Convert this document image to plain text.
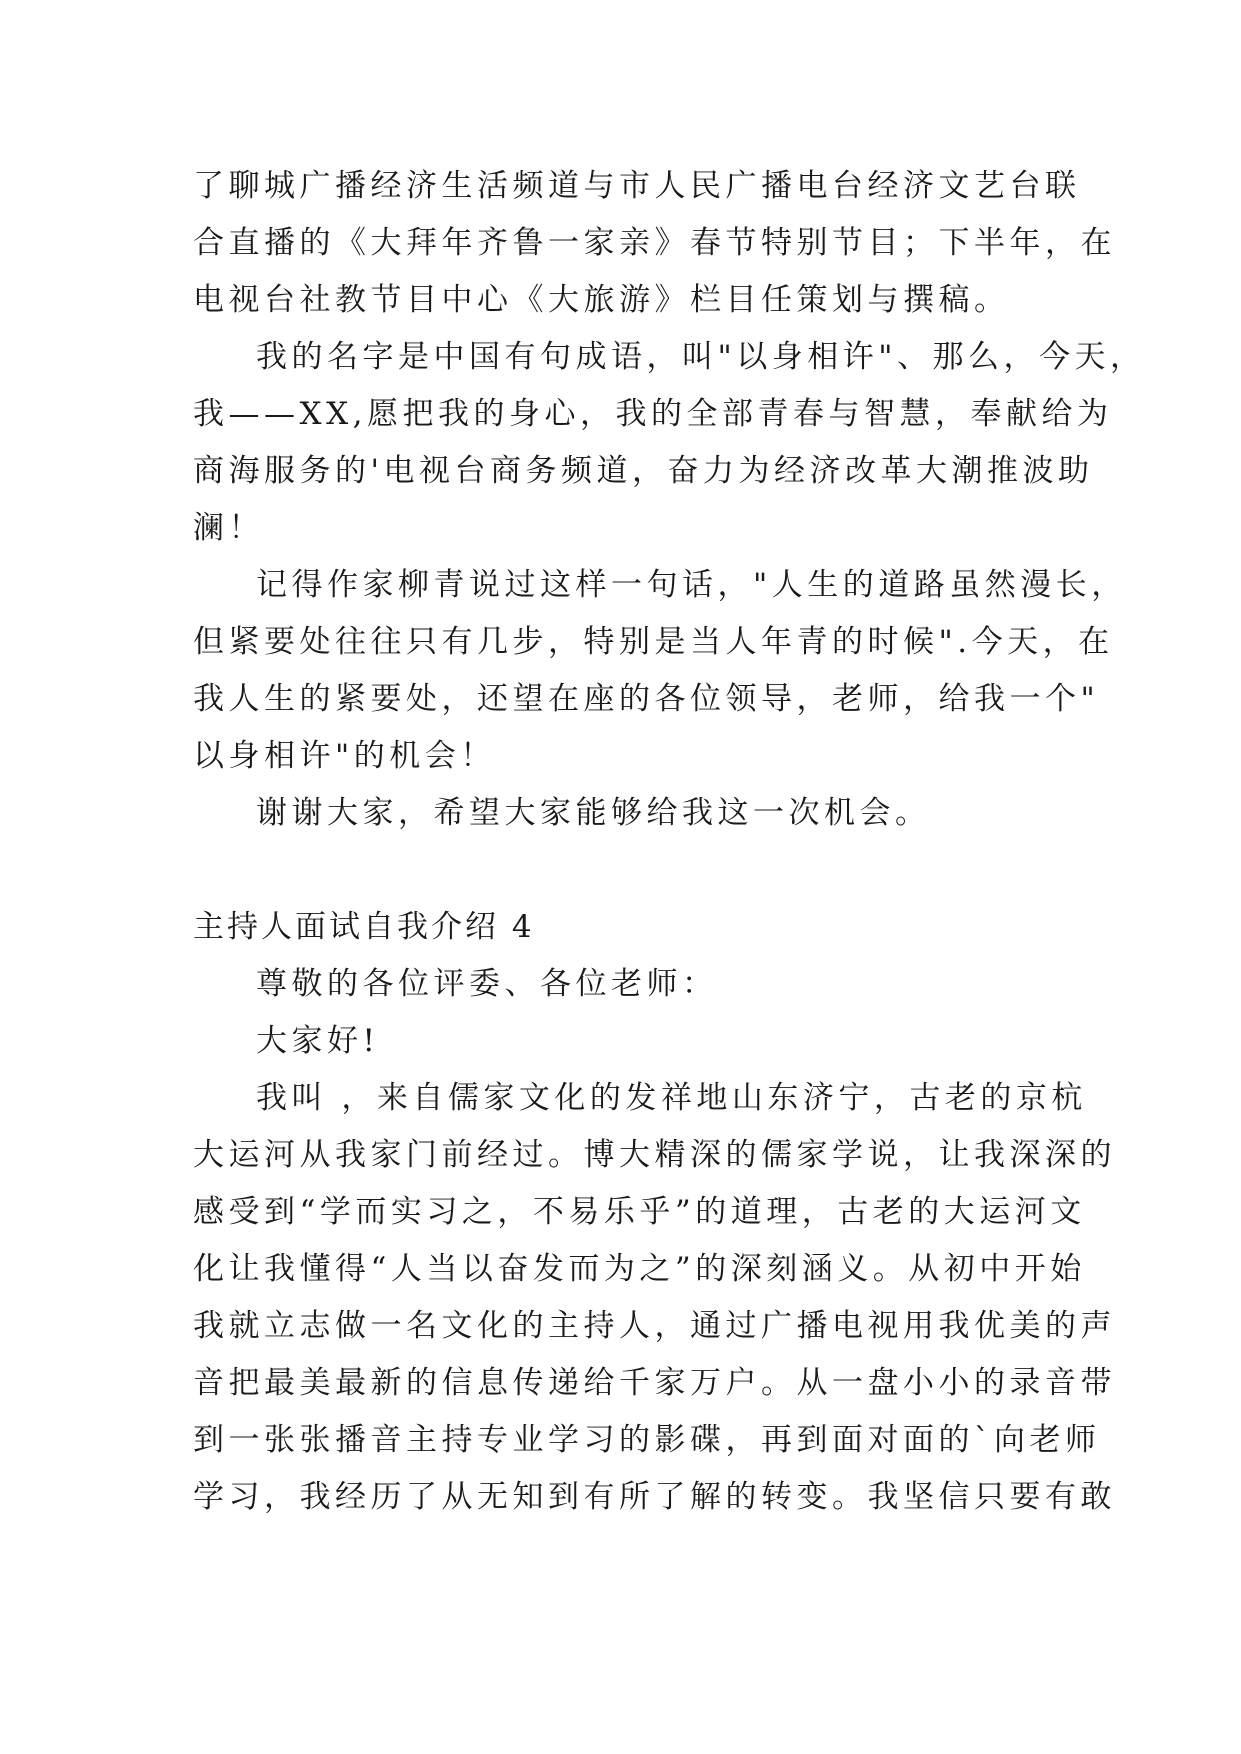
了聊城广播经济生活频道与市人民广播电台经济文艺台联
合直播的《大拜年齐鲁一家亲》春节特别节目；下半年，在
电视台社教节目中心《大旅游》栏目任策划与撰稿。
我的名字是中国有句成语，叫"以身相许"、那么，今天，
我——XX,愿把我的身心，我的全部青春与智慧，奉献给为
商海服务的'电视台商务频道，奋力为经济改革大潮推波助
澜！
记得作家柳青说过这样一句话，"人生的道路虽然漫长，
但紧要处往往只有几步，特别是当人年青的时候".今天，在
我人生的紧要处，还望在座的各位领导，老师，给我一个"
以身相许"的机会！
谢谢大家，希望大家能够给我这一次机会。
主持人面试自我介绍 4
尊敬的各位评委、各位老师：
大家好!
我叫 ，来自儒家文化的发祥地山东济宁，古老的京杭
大运河从我家门前经过。博大精深的儒家学说，让我深深的
感受到“学而实习之，不易乐乎”的道理，古老的大运河文
化让我懂得“人当以奋发而为之”的深刻涵义。从初中开始
我就立志做一名文化的主持人，通过广播电视用我优美的声
音把最美最新的信息传递给千家万户。从一盘小小的录音带
到一张张播音主持专业学习的影碟，再到面对面的`向老师
学习，我经历了从无知到有所了解的转变。我坚信只要有敢
